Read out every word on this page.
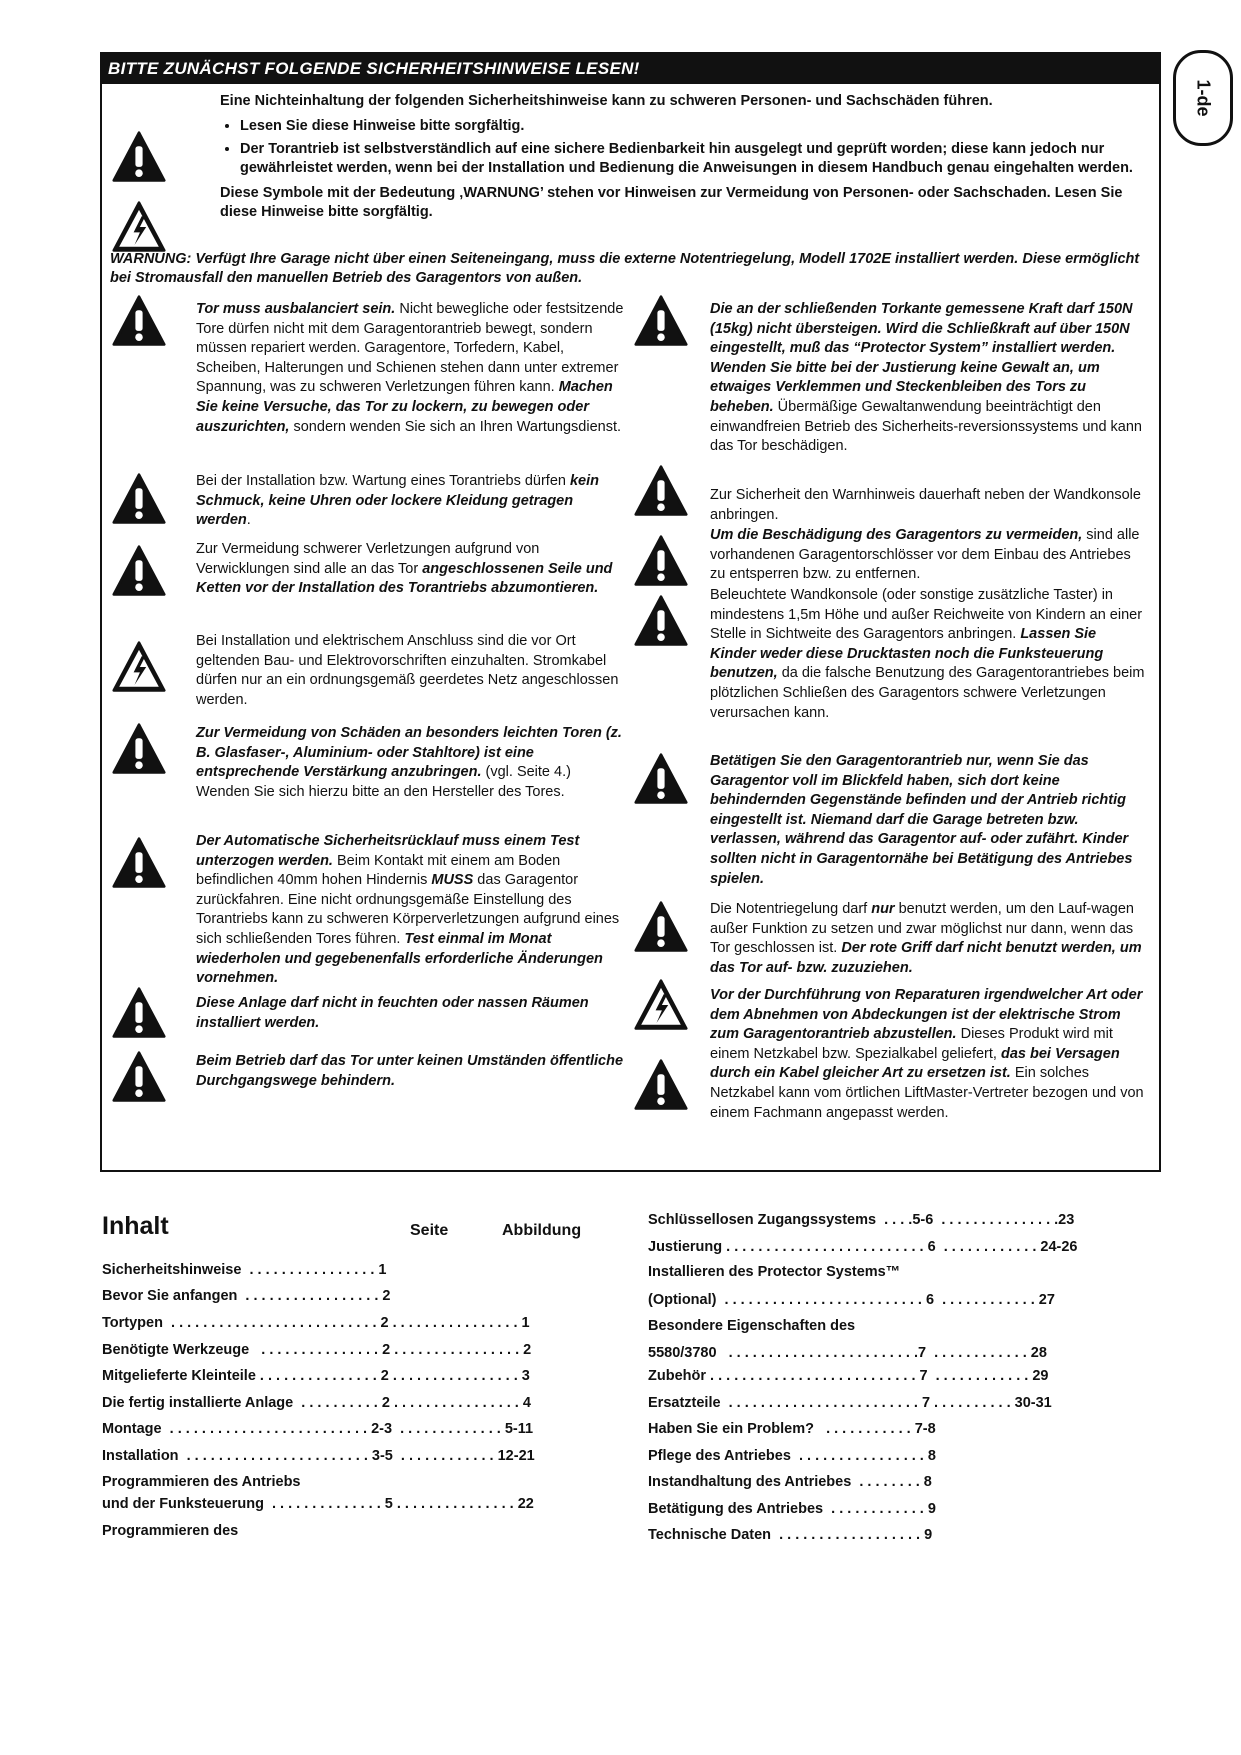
1-de
BITTE ZUNÄCHST FOLGENDE SICHERHEITSHINWEISE LESEN!

Eine Nichteinhaltung der folgenden Sicherheitshinweise kann zu schweren Personen- und Sachschäden führen.

• Lesen Sie diese Hinweise bitte sorgfältig.
• Der Torantrieb ist selbstverständlich auf eine sichere Bedienbarkeit hin ausgelegt und geprüft worden; diese kann jedoch nur gewährleistet werden, wenn bei der Installation und Bedienung die Anweisungen in diesem Handbuch genau eingehalten werden.

Diese Symbole mit der Bedeutung ‚WARNUNG’ stehen vor Hinweisen zur Vermeidung von Personen- oder Sachschaden. Lesen Sie diese Hinweise bitte sorgfältig.

WARNUNG: Verfügt Ihre Garage nicht über einen Seiteneingang, muss die externe Notentriegelung, Modell 1702E installiert werden. Diese ermöglicht bei Stromausfall den manuellen Betrieb des Garagentors von außen.
Tor muss ausbalanciert sein. Nicht bewegliche oder festsitzende Tore dürfen nicht mit dem Garagentorantrieb bewegt, sondern müssen repariert werden. Garagentore, Torfedern, Kabel, Scheiben, Halterungen und Schienen stehen dann unter extremer Spannung, was zu schweren Verletzungen führen kann. Machen Sie keine Versuche, das Tor zu lockern, zu bewegen oder auszurichten, sondern wenden Sie sich an Ihren Wartungsdienst.
Bei der Installation bzw. Wartung eines Torantriebs dürfen kein Schmuck, keine Uhren oder lockere Kleidung getragen werden.
Zur Vermeidung schwerer Verletzungen aufgrund von Verwicklungen sind alle an das Tor angeschlossenen Seile und Ketten vor der Installation des Torantriebs abzumontieren.
Bei Installation und elektrischem Anschluss sind die vor Ort geltenden Bau- und Elektrovorschriften einzuhalten. Stromkabel dürfen nur an ein ordnungsgemäß geerdetes Netz angeschlossen werden.
Zur Vermeidung von Schäden an besonders leichten Toren (z. B. Glasfaser-, Aluminium- oder Stahltore) ist eine entsprechende Verstärkung anzubringen. (vgl. Seite 4.) Wenden Sie sich hierzu bitte an den Hersteller des Tores.
Der Automatische Sicherheitsrücklauf muss einem Test unterzogen werden. Beim Kontakt mit einem am Boden befindlichen 40mm hohen Hindernis MUSS das Garagentor zurückfahren. Eine nicht ordnungsgemäße Einstellung des Torantriebs kann zu schweren Körperverletzungen aufgrund eines sich schließenden Tores führen. Test einmal im Monat wiederholen und gegebenenfalls erforderliche Änderungen vornehmen.
Diese Anlage darf nicht in feuchten oder nassen Räumen installiert werden.
Beim Betrieb darf das Tor unter keinen Umständen öffentliche Durchgangswege behindern.
Die an der schließenden Torkante gemessene Kraft darf 150N (15kg) nicht übersteigen. Wird die Schließkraft auf über 150N eingestellt, muß das “Protector System” installiert werden. Wenden Sie bitte bei der Justierung keine Gewalt an, um etwaiges Verklemmen und Steckenbleiben des Tors zu beheben. Übermäßige Gewaltanwendung beeinträchtigt den einwandfreien Betrieb des Sicherheits-reversionssystems und kann das Tor beschädigen.
Zur Sicherheit den Warnhinweis dauerhaft neben der Wandkonsole anbringen.
Um die Beschädigung des Garagentors zu vermeiden, sind alle vorhandenen Garagentorschlösser vor dem Einbau des Antriebes zu entsperren bzw. zu entfernen.
Beleuchtete Wandkonsole (oder sonstige zusätzliche Taster) in mindestens 1,5m Höhe und außer Reichweite von Kindern an einer Stelle in Sichtweite des Garagentors anbringen. Lassen Sie Kinder weder diese Drucktasten noch die Funksteuerung benutzen, da die falsche Benutzung des Garagentorantriebes beim plötzlichen Schließen des Garagentors schwere Verletzungen verursachen kann.
Betätigen Sie den Garagentorantrieb nur, wenn Sie das Garagentor voll im Blickfeld haben, sich dort keine behindernden Gegenstände befinden und der Antrieb richtig eingestellt ist. Niemand darf die Garage betreten bzw. verlassen, während das Garagentor auf- oder zufährt. Kinder sollten nicht in Garagentornähe bei Betätigung des Antriebes spielen.
Die Notentriegelung darf nur benutzt werden, um den Lauf-wagen außer Funktion zu setzen und zwar möglichst nur dann, wenn das Tor geschlossen ist. Der rote Griff darf nicht benutzt werden, um das Tor auf- bzw. zuzuziehen.
Vor der Durchführung von Reparaturen irgendwelcher Art oder dem Abnehmen von Abdeckungen ist der elektrische Strom zum Garagentorantrieb abzustellen. Dieses Produkt wird mit einem Netzkabel bzw. Spezialkabel geliefert, das bei Versagen durch ein Kabel gleicher Art zu ersetzen ist. Ein solches Netzkabel kann vom örtlichen LiftMaster-Vertreter bezogen und von einem Fachmann angepasst werden.
Inhalt	Seite	Abbildung
Sicherheitshinweise  . . . . . . . . . . . . . . . . 1
Bevor Sie anfangen  . . . . . . . . . . . . . . . . . 2
Tortypen  . . . . . . . . . . . . . . . . . . . . . . . . . . 2 . . . . . . . . . . . . . . . . 1
Benötigte Werkzeuge   . . . . . . . . . . . . . . . 2 . . . . . . . . . . . . . . . . 2
Mitgelieferte Kleinteile . . . . . . . . . . . . . . . 2 . . . . . . . . . . . . . . . . 3
Die fertig installierte Anlage  . . . . . . . . . . 2 . . . . . . . . . . . . . . . . 4
Montage  . . . . . . . . . . . . . . . . . . . . . . . . . 2-3  . . . . . . . . . . . . . 5-11
Installation  . . . . . . . . . . . . . . . . . . . . . . . 3-5  . . . . . . . . . . . . 12-21
Programmieren des Antriebs
und der Funksteuerung  . . . . . . . . . . . . . . 5 . . . . . . . . . . . . . . . 22
Programmieren des
Schlüssellosen Zugangssystems  . . . .5-6  . . . . . . . . . . . . . . .23
Justierung . . . . . . . . . . . . . . . . . . . . . . . . . 6  . . . . . . . . . . . . 24-26
Installieren des Protector Systems™
(Optional)  . . . . . . . . . . . . . . . . . . . . . . . . . 6  . . . . . . . . . . . . 27
Besondere Eigenschaften des
5580/3780   . . . . . . . . . . . . . . . . . . . . . . . .7  . . . . . . . . . . . . 28
Zubehör . . . . . . . . . . . . . . . . . . . . . . . . . . 7  . . . . . . . . . . . . 29
Ersatzteile  . . . . . . . . . . . . . . . . . . . . . . . . 7 . . . . . . . . . . 30-31
Haben Sie ein Problem?   . . . . . . . . . . . 7-8
Pflege des Antriebes  . . . . . . . . . . . . . . . . 8
Instandhaltung des Antriebes  . . . . . . . . 8
Betätigung des Antriebes  . . . . . . . . . . . . 9
Technische Daten  . . . . . . . . . . . . . . . . . . 9
